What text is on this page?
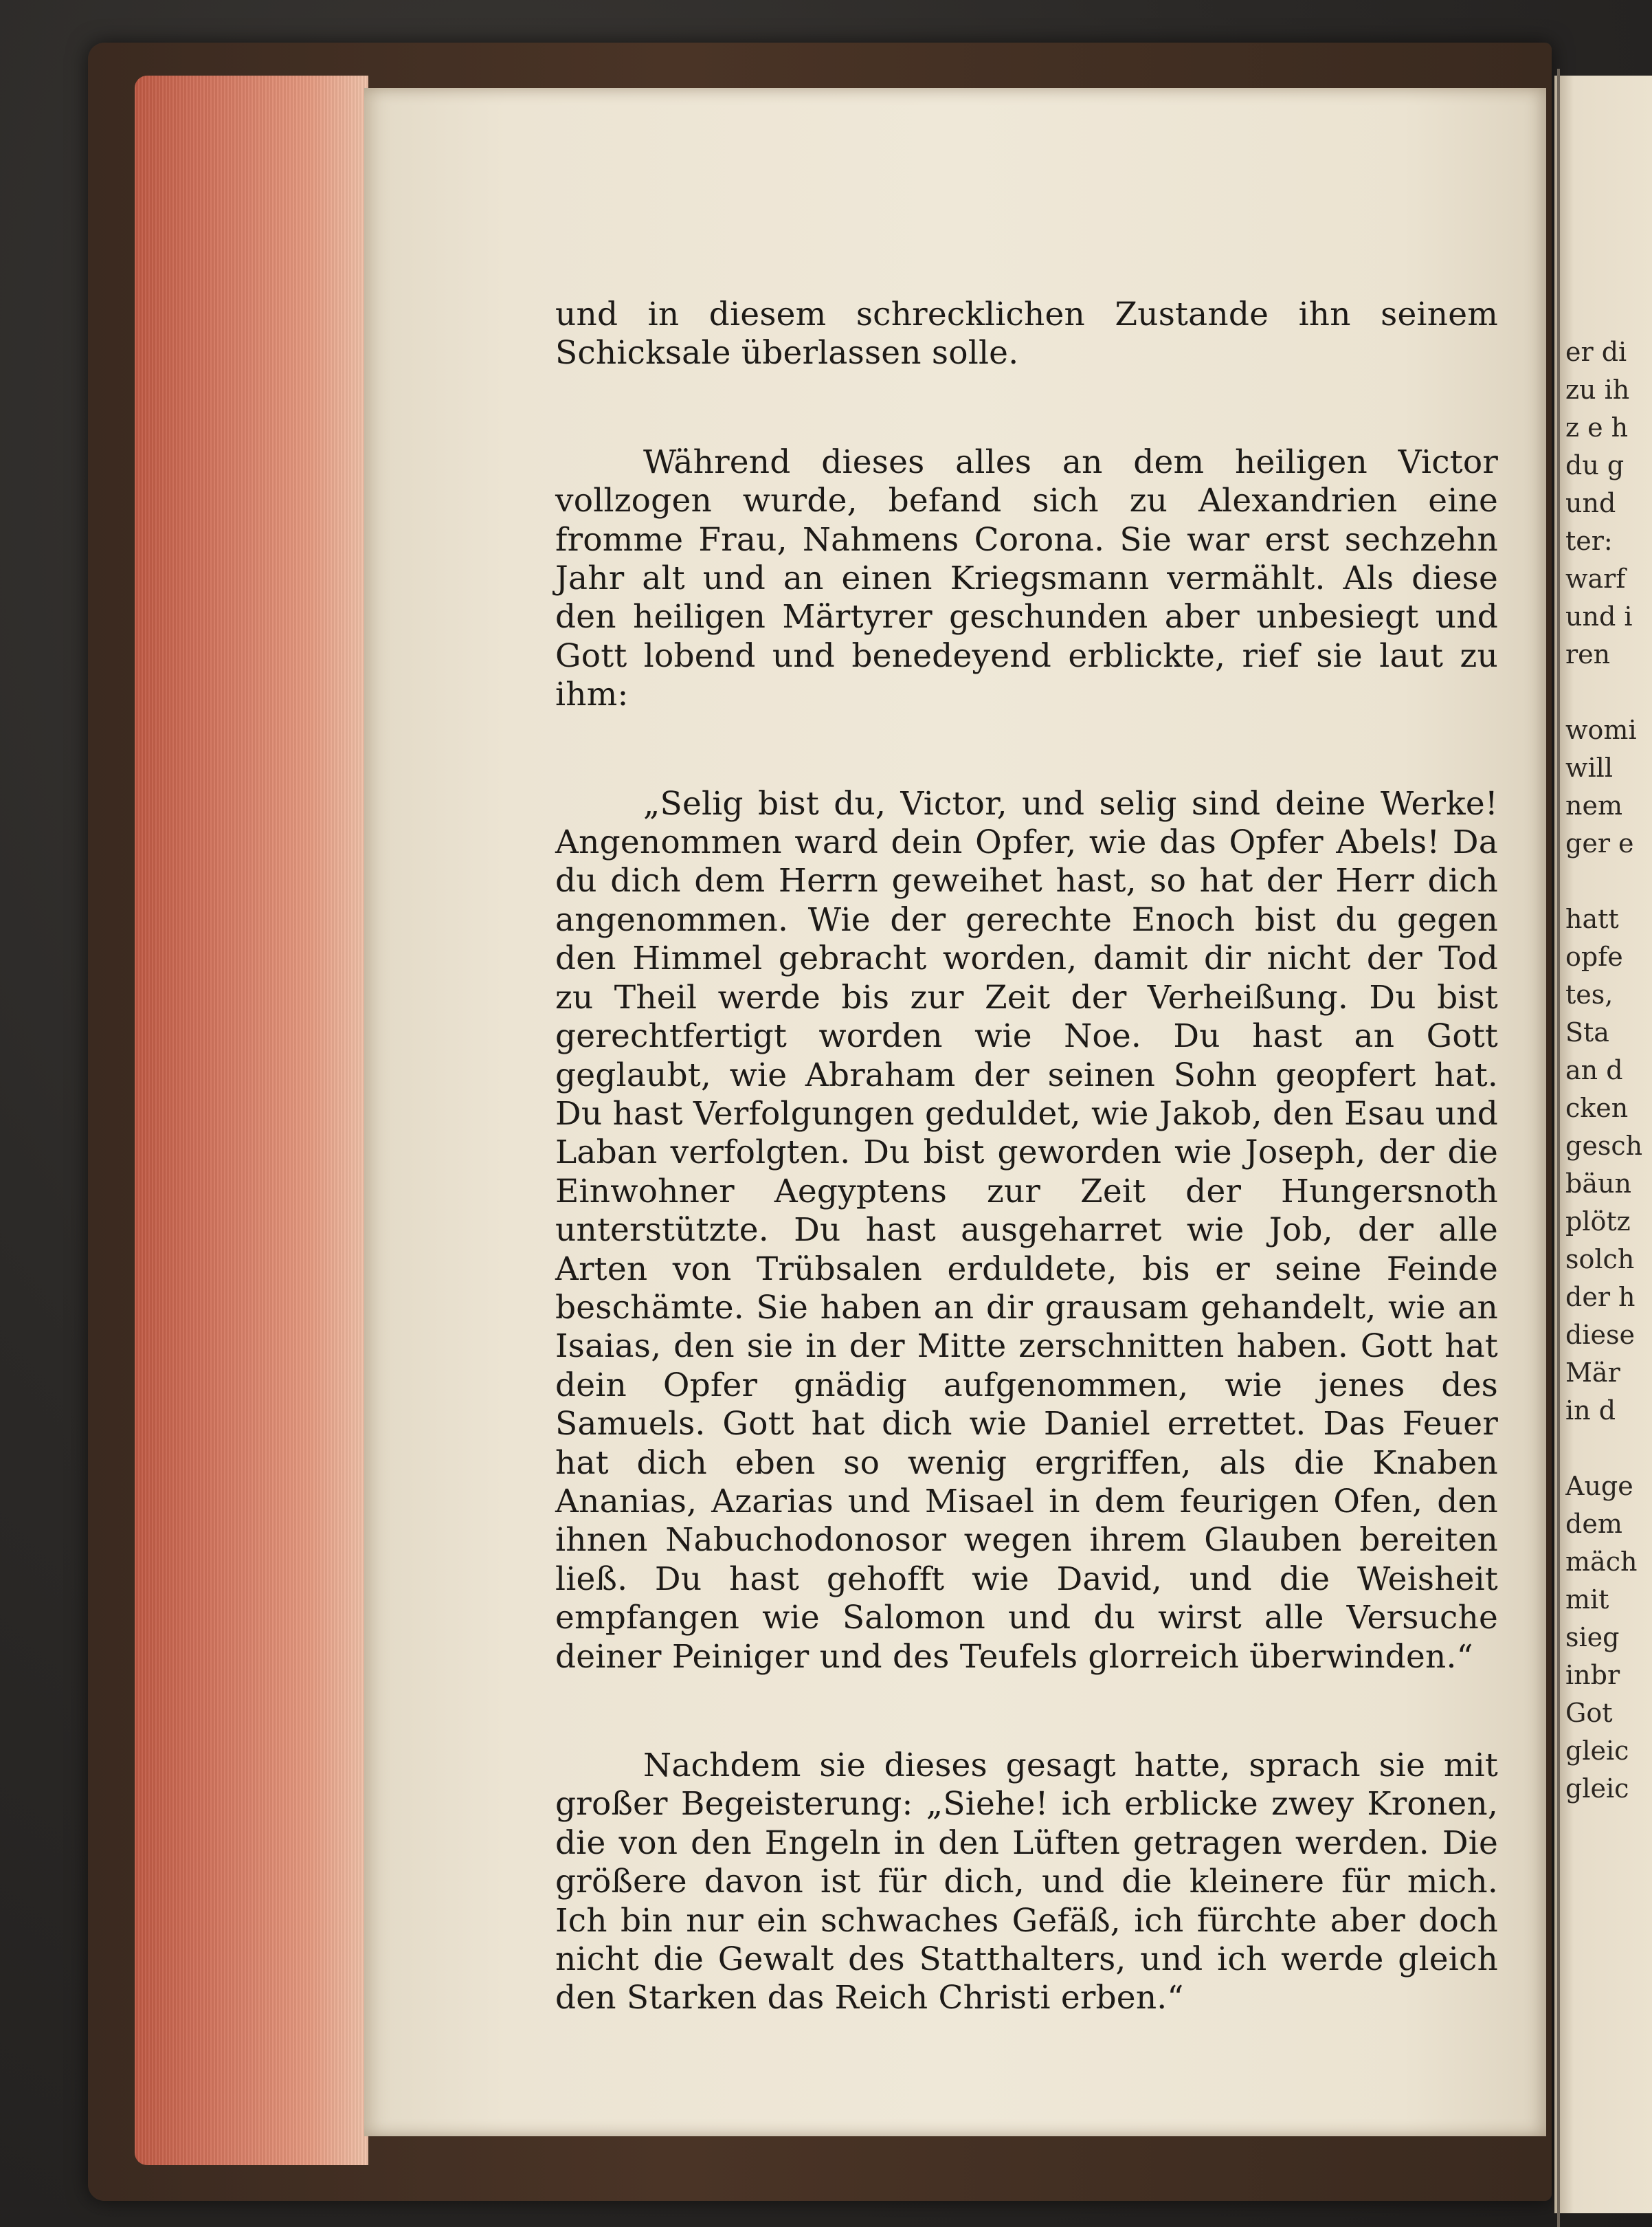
und in diesem schrecklichen Zustande ihn seinem Schicksale überlassen solle.

Während dieses alles an dem heiligen Victor vollzogen wurde, befand sich zu Alexandrien eine fromme Frau, Nahmens Corona. Sie war erst sechzehn Jahr alt und an einen Kriegsmann vermählt. Als diese den heiligen Märtyrer geschunden aber unbesiegt und Gott lobend und benedeyend erblickte, rief sie laut zu ihm:

„Selig bist du, Victor, und selig sind deine Werke! Angenommen ward dein Opfer, wie das Opfer Abels! Da du dich dem Herrn geweihet hast, so hat der Herr dich angenommen. Wie der gerechte Enoch bist du gegen den Himmel gebracht worden, damit dir nicht der Tod zu Theil werde bis zur Zeit der Verheißung. Du bist gerechtfertigt worden wie Noe. Du hast an Gott geglaubt, wie Abraham der seinen Sohn geopfert hat. Du hast Verfolgungen geduldet, wie Jakob, den Esau und Laban verfolgten. Du bist geworden wie Joseph, der die Einwohner Aegyptens zur Zeit der Hungersnoth unterstützte. Du hast ausgeharret wie Job, der alle Arten von Trübsalen erduldete, bis er seine Feinde beschämte. Sie haben an dir grausam gehandelt, wie an Isaias, den sie in der Mitte zerschnitten haben. Gott hat dein Opfer gnädig aufgenommen, wie jenes des Samuels. Gott hat dich wie Daniel errettet. Das Feuer hat dich eben so wenig ergriffen, als die Knaben Ananias, Azarias und Misael in dem feurigen Ofen, den ihnen Nabuchodonosor wegen ihrem Glauben bereiten ließ. Du hast gehofft wie David, und die Weisheit empfangen wie Salomon und du wirst alle Versuche deiner Peiniger und des Teufels glorreich überwinden.“

Nachdem sie dieses gesagt hatte, sprach sie mit großer Begeisterung: „Siehe! ich erblicke zwey Kronen, die von den Engeln in den Lüften getragen werden. Die größere davon ist für dich, und die kleinere für mich. Ich bin nur ein schwaches Gefäß, ich fürchte aber doch nicht die Gewalt des Statthalters, und ich werde gleich den Starken das Reich Christi erben.“

er di
zu ih
z e h
du g
und
ter:
warf
und i
ren
womi
will
nem
ger e
hatt
opfe
tes,
Sta
an d
cken
gesch
bäun
plötz
solch
der h
diese
Mär
in d
Auge
dem
mäch
mit
sieg
inbr
Got
gleic
gleic
